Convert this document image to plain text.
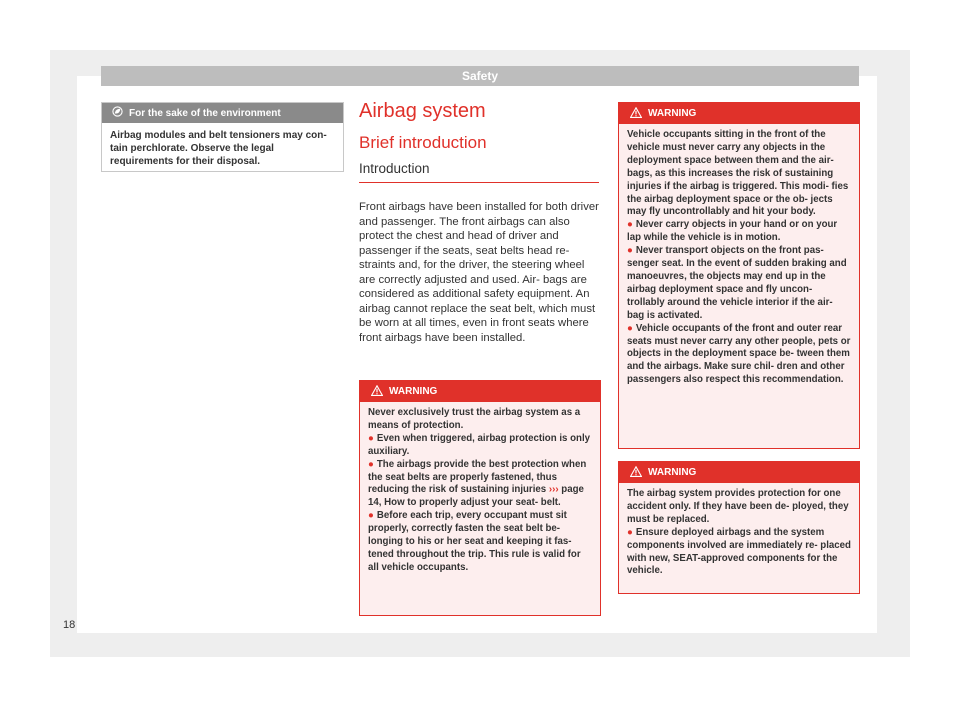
Safety
For the sake of the environment
Airbag modules and belt tensioners may con- tain perchlorate. Observe the legal requirements for their disposal.
Airbag system
Brief introduction
Introduction

Front airbags have been installed for both driver and passenger. The front airbags can also protect the chest and head of driver and passenger if the seats, seat belts head re- straints and, for the driver, the steering wheel are correctly adjusted and used. Air- bags are considered as additional safety equipment. An airbag cannot replace the seat belt, which must be worn at all times, even in front seats where front airbags have been installed.

WARNING

Never exclusively trust the airbag system as a means of protection.

● Even when triggered, airbag protection is only auxiliary.

● The airbags provide the best protection when the seat belts are properly fastened, thus reducing the risk of sustaining injuries ››› page 14, How to properly adjust your seat- belt.

● Before each trip, every occupant must sit properly, correctly fasten the seat belt be- longing to his or her seat and keeping it fas- tened throughout the trip. This rule is valid for all vehicle occupants.

WARNING

Vehicle occupants sitting in the front of the vehicle must never carry any objects in the deployment space between them and the air- bags, as this increases the risk of sustaining injuries if the airbag is triggered. This modi- fies the airbag deployment space or the ob- jects may fly uncontrollably and hit your body.

● Never carry objects in your hand or on your lap while the vehicle is in motion.

● Never transport objects on the front pas- senger seat. In the event of sudden braking and manoeuvres, the objects may end up in the airbag deployment space and fly uncon- trollably around the vehicle interior if the air- bag is activated.

● Vehicle occupants of the front and outer rear seats must never carry any other people, pets or objects in the deployment space be- tween them and the airbags. Make sure chil- dren and other passengers also respect this recommendation.

WARNING

The airbag system provides protection for one accident only. If they have been de- ployed, they must be replaced.

● Ensure deployed airbags and the system components involved are immediately re- placed with new, SEAT-approved components for the vehicle.

18
